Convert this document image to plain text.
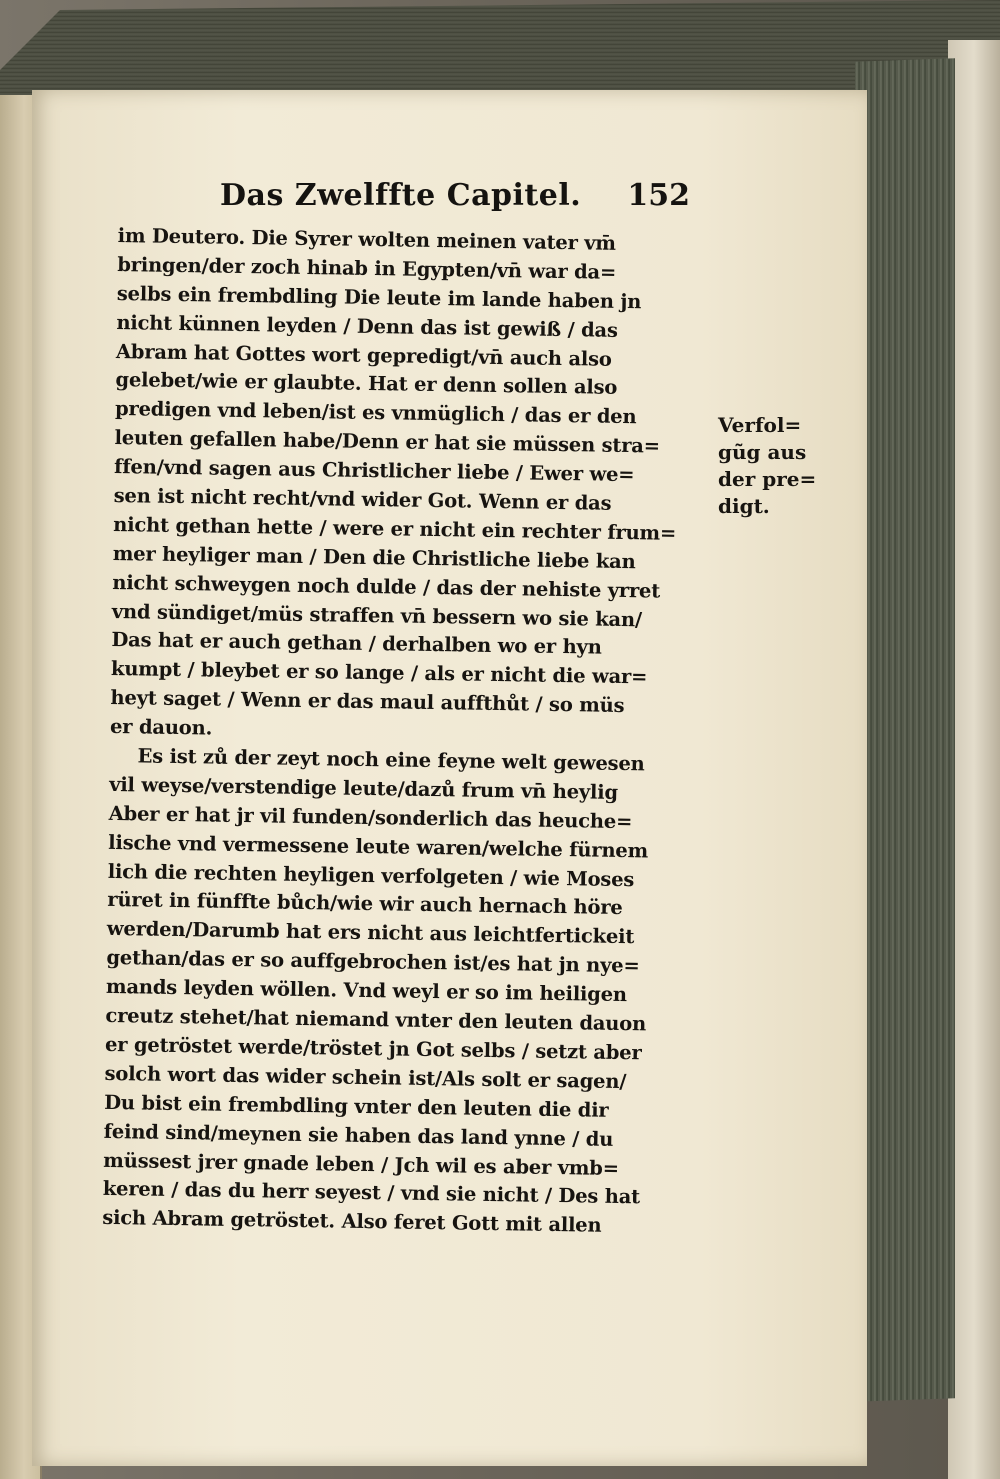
Das Zwelffte Capitel. 152
im Deutero. Die Syrer wolten meinen vater vm̄
bringen/der zoch hinab in Egypten/vn̄ war da=
selbs ein frembdling Die leute im lande haben jn
nicht künnen leyden / Denn das ist gewiß / das
Abram hat Gottes wort gepredigt/vn̄ auch also
gelebet/wie er glaubte. Hat er denn sollen also
predigen vnd leben/ist es vnmüglich / das er den
leuten gefallen habe/Denn er hat sie müssen stra=
ffen/vnd sagen aus Christlicher liebe / Ewer we=
sen ist nicht recht/vnd wider Got. Wenn er das
nicht gethan hette / were er nicht ein rechter frum=
mer heyliger man / Den die Christliche liebe kan
nicht schweygen noch dulde / das der nehiste yrret
vnd sündiget/müs straffen vn̄ bessern wo sie kan/
Das hat er auch gethan / derhalben wo er hyn
kumpt / bleybet er so lange / als er nicht die war=
heyt saget / Wenn er das maul auffthůt / so müs
er dauon.
Es ist zů der zeyt noch eine feyne welt gewesen
vil weyse/verstendige leute/dazů frum vn̄ heylig
Aber er hat jr vil funden/sonderlich das heuche=
lische vnd vermessene leute waren/welche fürnem
lich die rechten heyligen verfolgeten / wie Moses
rüret in fünffte bůch/wie wir auch hernach höre
werden/Darumb hat ers nicht aus leichtfertickeit
gethan/das er so auffgebrochen ist/es hat jn nye=
mands leyden wöllen. Vnd weyl er so im heiligen
creutz stehet/hat niemand vnter den leuten dauon
er getröstet werde/tröstet jn Got selbs / setzt aber
solch wort das wider schein ist/Als solt er sagen/
Du bist ein frembdling vnter den leuten die dir
feind sind/meynen sie haben das land ynne / du
müssest jrer gnade leben / Jch wil es aber vmb=
keren / das du herr seyest / vnd sie nicht / Des hat
sich Abram getröstet. Also feret Gott mit allen
Verfol=
gũg aus
der pre=
digt.
